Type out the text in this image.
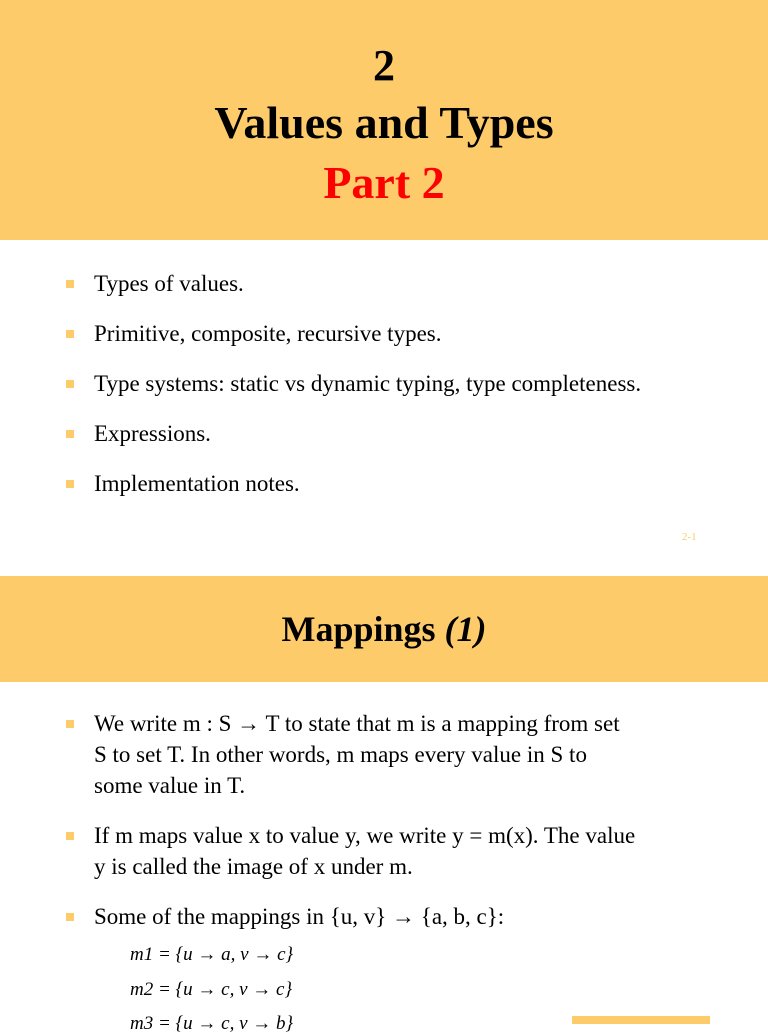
2
Values and Types
Part 2
Types of values.
Primitive, composite, recursive types.
Type systems: static vs dynamic typing, type completeness.
Expressions.
Implementation notes.
2-1
Mappings (1)
We write m : S → T to state that m is a mapping from set
S to set T. In other words, m maps every value in S to
some value in T.
If m maps value x to value y, we write y = m(x). The value
y is called the image of x under m.
Some of the mappings in {u, v} → {a, b, c}:
m1 = {u → a, v → c}
m2 = {u → c, v → c}
m3 = {u → c, v → b}
